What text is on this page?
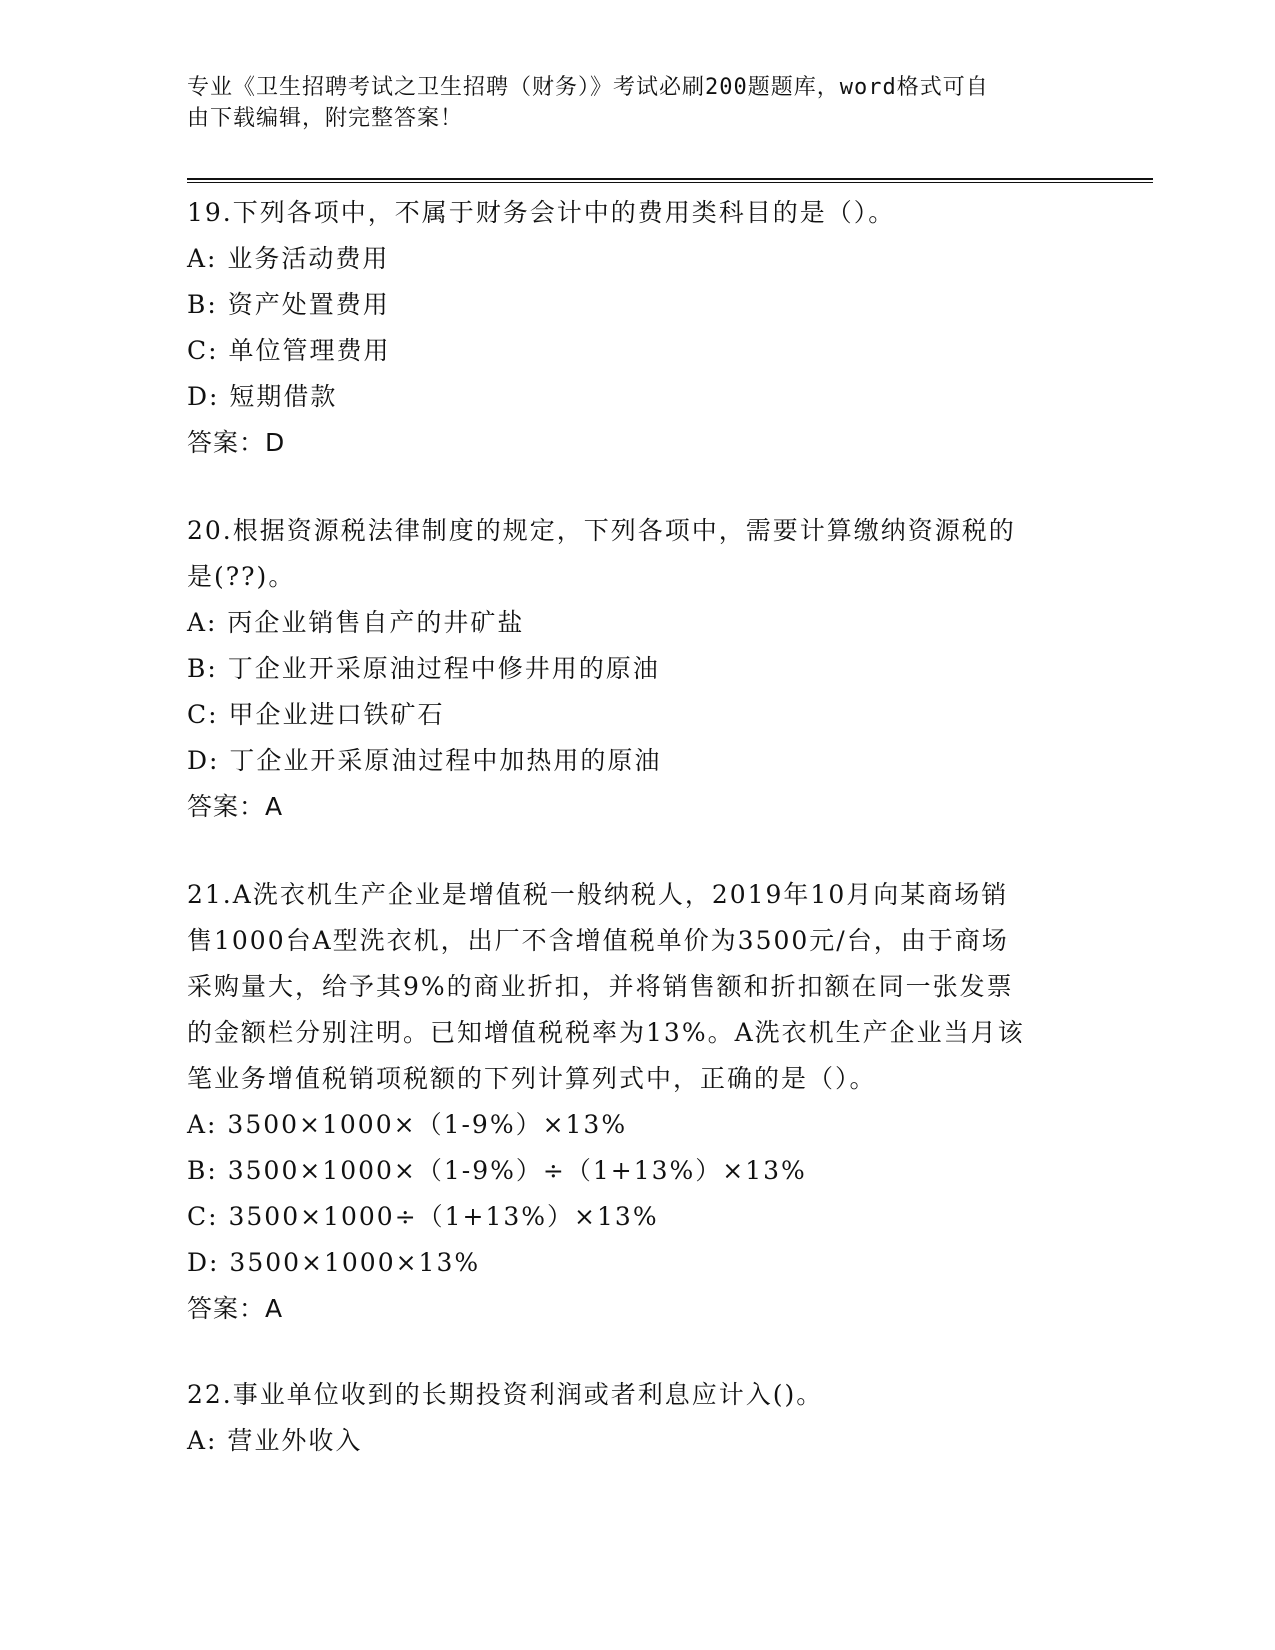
专业《卫生招聘考试之卫生招聘（财务）》考试必刷200题题库，word格式可自
由下载编辑，附完整答案！
19.下列各项中，不属于财务会计中的费用类科目的是（）。
A: 业务活动费用
B: 资产处置费用
C: 单位管理费用
D: 短期借款
答案：D
20.根据资源税法律制度的规定，下列各项中，需要计算缴纳资源税的
是(??)。
A: 丙企业销售自产的井矿盐
B: 丁企业开采原油过程中修井用的原油
C: 甲企业进口铁矿石
D: 丁企业开采原油过程中加热用的原油
答案：A
21.A洗衣机生产企业是增值税一般纳税人，2019年10月向某商场销
售1000台A型洗衣机，出厂不含增值税单价为3500元/台，由于商场
采购量大，给予其9%的商业折扣，并将销售额和折扣额在同一张发票
的金额栏分别注明。已知增值税税率为13%。A洗衣机生产企业当月该
笔业务增值税销项税额的下列计算列式中，正确的是（）。
A: 3500×1000×（1-9%）×13%
B: 3500×1000×（1-9%）÷（1+13%）×13%
C: 3500×1000÷（1+13%）×13%
D: 3500×1000×13%
答案：A
22.事业单位收到的长期投资利润或者利息应计入()。
A: 营业外收入
